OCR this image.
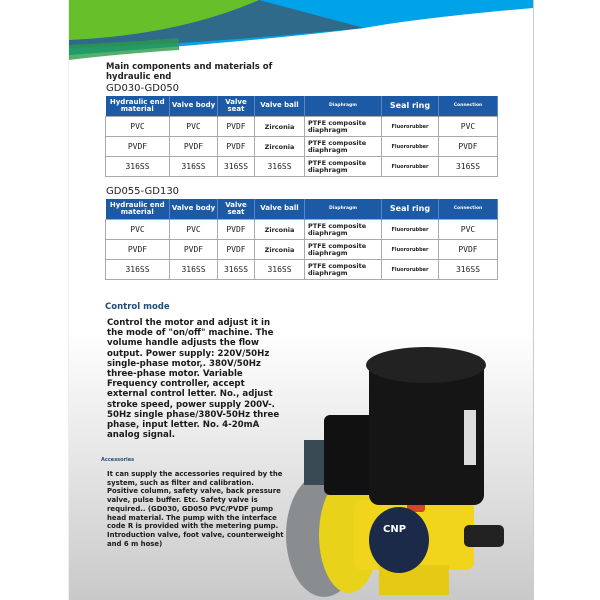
Main components and materials of hydraulic end
GD030-GD050
Hydraulic end material	Valve body	Valve seat	Valve ball	Diaphragm	Seal ring	Connection
PVC	PVC	PVDF	Zirconia	PTFE composite diaphragm	Fluororubber	PVC
PVDF	PVDF	PVDF	Zirconia	PTFE composite diaphragm	Fluororubber	PVDF
316SS	316SS	316SS	316SS	PTFE composite diaphragm	Fluororubber	316SS
GD055-GD130
Hydraulic end material	Valve body	Valve seat	Valve ball	Diaphragm	Seal ring	Connection
PVC	PVC	PVDF	Zirconia	PTFE composite diaphragm	Fluororubber	PVC
PVDF	PVDF	PVDF	Zirconia	PTFE composite diaphragm	Fluororubber	PVDF
316SS	316SS	316SS	316SS	PTFE composite diaphragm	Fluororubber	316SS
Control mode
Control the motor and adjust it in the mode of "on/off" machine. The volume handle adjusts the flow output. Power supply: 220V/50Hz single-phase motor,. 380V/50Hz three-phase motor. Variable Frequency controller, accept external control letter. No., adjust stroke speed, power supply 200V-. 50Hz single phase/380V-50Hz three phase, input letter. No. 4-20mA analog signal.
Accessories
It can supply the accessories required by the system, such as filter and calibration. Positive column, safety valve, back pressure valve, pulse buffer. Etc. Safety valve is required.. (GD030, GD050 PVC/PVDF pump head material. The pump with the interface code R is provided with the metering pump. Introduction valve, foot valve, counterweight and 6 m hose)
CNP
